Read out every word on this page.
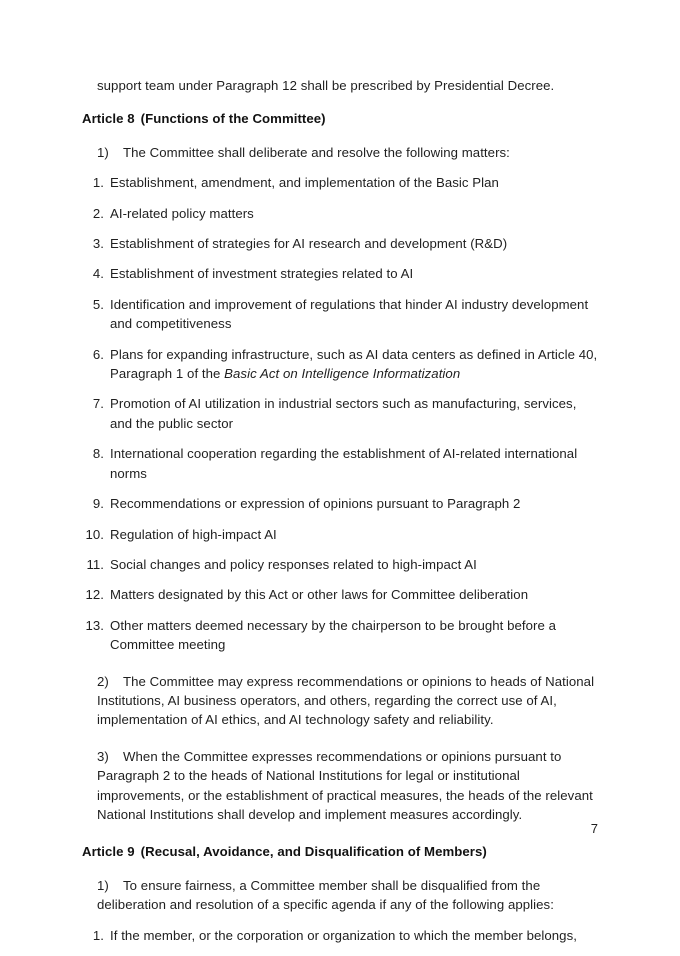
support team under Paragraph 12 shall be prescribed by Presidential Decree.
Article 8 (Functions of the Committee)
1) The Committee shall deliberate and resolve the following matters:
1. Establishment, amendment, and implementation of the Basic Plan
2. AI-related policy matters
3. Establishment of strategies for AI research and development (R&D)
4. Establishment of investment strategies related to AI
5. Identification and improvement of regulations that hinder AI industry development and competitiveness
6. Plans for expanding infrastructure, such as AI data centers as defined in Article 40, Paragraph 1 of the Basic Act on Intelligence Informatization
7. Promotion of AI utilization in industrial sectors such as manufacturing, services, and the public sector
8. International cooperation regarding the establishment of AI-related international norms
9. Recommendations or expression of opinions pursuant to Paragraph 2
10. Regulation of high-impact AI
11. Social changes and policy responses related to high-impact AI
12. Matters designated by this Act or other laws for Committee deliberation
13. Other matters deemed necessary by the chairperson to be brought before a Committee meeting
2) The Committee may express recommendations or opinions to heads of National Institutions, AI business operators, and others, regarding the correct use of AI, implementation of AI ethics, and AI technology safety and reliability.
3) When the Committee expresses recommendations or opinions pursuant to Paragraph 2 to the heads of National Institutions for legal or institutional improvements, or the establishment of practical measures, the heads of the relevant National Institutions shall develop and implement measures accordingly.
Article 9 (Recusal, Avoidance, and Disqualification of Members)
1) To ensure fairness, a Committee member shall be disqualified from the deliberation and resolution of a specific agenda if any of the following applies:
1. If the member, or the corporation or organization to which the member belongs,
7
